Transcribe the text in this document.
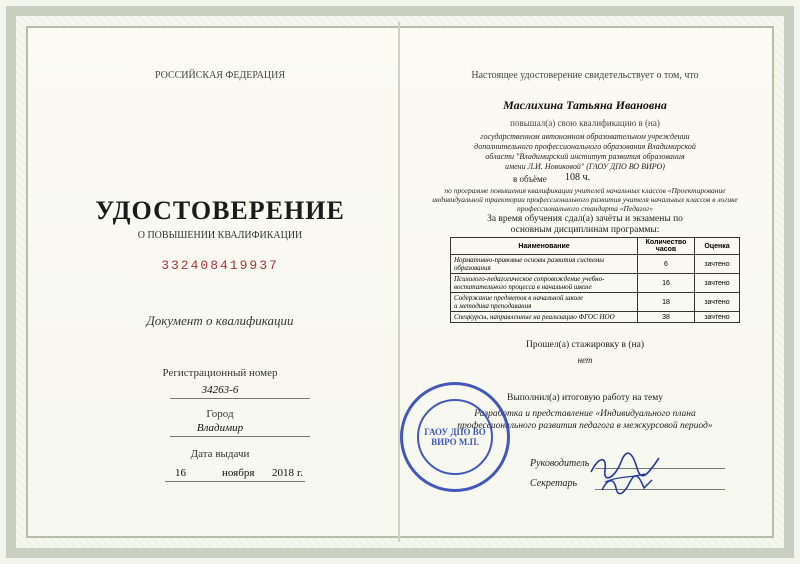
РОССИЙСКАЯ ФЕДЕРАЦИЯ
УДОСТОВЕРЕНИЕ
О ПОВЫШЕНИИ КВАЛИФИКАЦИИ
332408419937
Документ о квалификации
Регистрационный номер
34263-6
Город
Владимир
Дата выдачи
16	ноября 2018 г.
Настоящее удостоверение свидетельствует о том, что
Маслихина Татьяна Ивановна
повышал(а) свою квалификацию в (на)
государственном автономном образовательном учреждении
дополнительного профессионального образования Владимирской
области "Владимирский институт развития образования
имени Л.И. Новиковой" (ГАОУ ДПО ВО ВИРО)
в объёме 108 ч.
по программе повышения квалификации учителей начальных классов «Проектирование
индивидуальной траектории профессионального развития учителя начальных классов в логике
профессионального стандарта «Педагог»
За время обучения сдал(а) зачёты и экзамены по
основным дисциплинам программы:
Наименование	Количество часов	Оценка

Нормативно-правовые основы развития системы
образования	6	зачтено

Психолого-педагогическое сопровождение учебно-
воспитательного процесса в начальной школе	16	зачтено

Содержание предметов в начальной школе
и методика преподавания	18	зачтено

Спецкурсы, направленные на реализацию ФГОС НОО	38	зачтено
Прошел(а) стажировку в (на)
нет
Выполнил(а) итоговую работу на тему
Разработка и представление «Индивидуального плана
профессионального развития педагога в межкурсовой период»
Руководитель
Секретарь
ГАОУ ДПО ВО ВИРО М.П.
